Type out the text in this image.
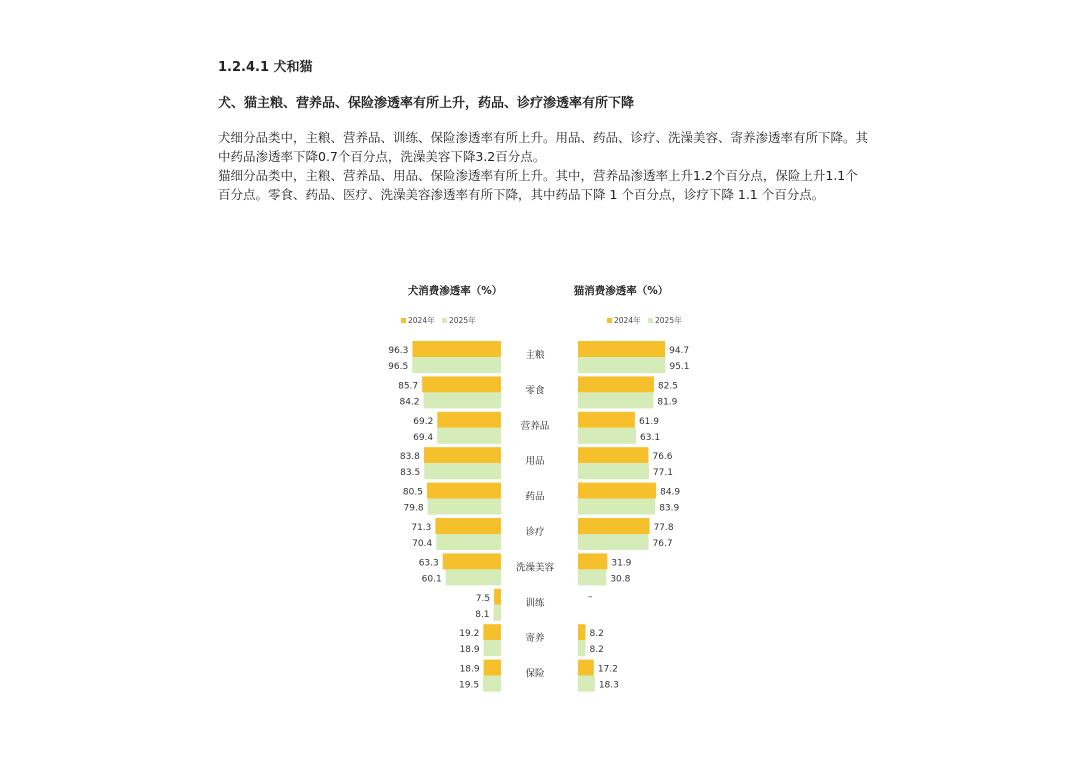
1.2.4.1 犬和猫

犬、猫主粮、营养品、保险渗透率有所上升，药品、诊疗渗透率有所下降

犬细分品类中，主粮、营养品、训练、保险渗透率有所上升。用品、药品、诊疗、洗澡美容、寄养渗透率有所下降。其中药品渗透率下降0.7个百分点，洗澡美容下降3.2百分点。

猫细分品类中，主粮、营养品、用品、保险渗透率有所上升。其中，营养品渗透率上升1.2个百分点，保险上升1.1个百分点。零食、药品、医疗、洗澡美容渗透率有所下降，其中药品下降 1 个百分点，诊疗下降 1.1 个百分点。

犬消费渗透率（%）	猫消费渗透率（%）
2024年 2025年	2024年 2025年
主粮
96.3
96.5
94.7
95.1
零食
85.7
84.2
82.5
81.9
营养品
69.2
69.4
61.9
63.1
用品
83.8
83.5
76.6
77.1
药品
80.5
79.8
84.9
83.9
诊疗
71.3
70.4
77.8
76.7
洗澡美容
63.3
60.1
31.9
30.8
训练
7.5
8.1
–
寄养
19.2
18.9
8.2
8.2
保险
18.9
19.5
17.2
18.3
